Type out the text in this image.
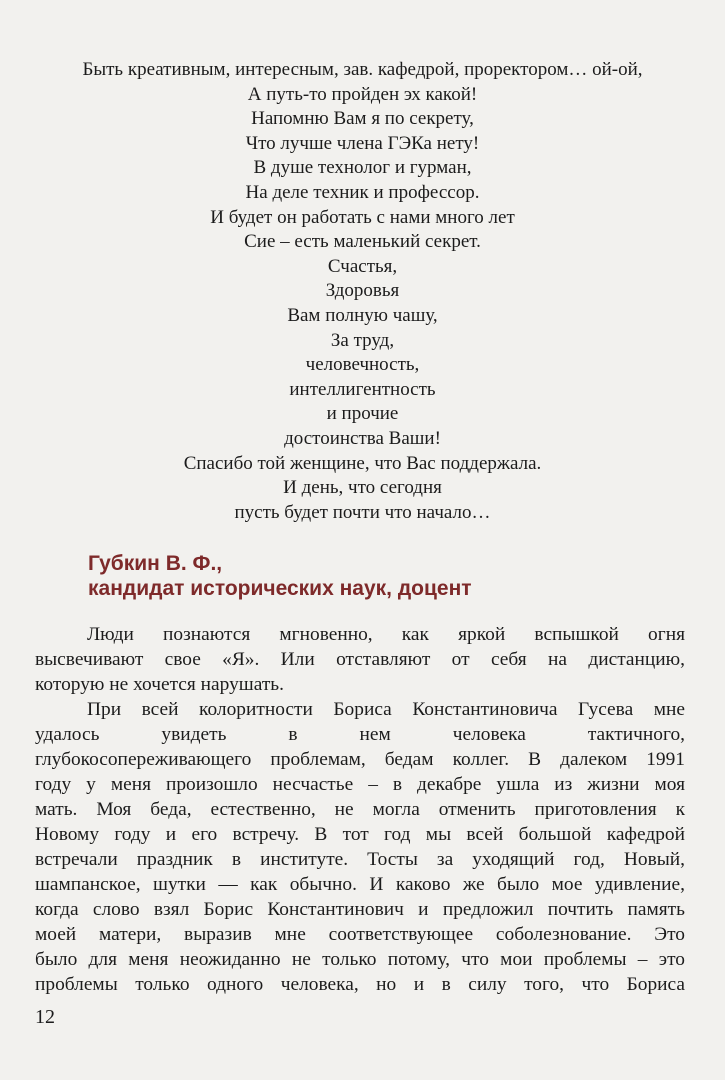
Быть креативным, интересным, зав. кафедрой, проректором… ой-ой,
А путь-то пройден эх какой!
Напомню Вам я по секрету,
Что лучше члена ГЭКа нету!
В душе технолог и гурман,
На деле техник и профессор.
И будет он работать с нами много лет
Сие – есть маленький секрет.
Счастья,
Здоровья
Вам полную чашу,
За труд,
человечность,
интеллигентность
и прочие
достоинства Ваши!
Спасибо той женщине, что Вас поддержала.
И день, что сегодня
пусть будет почти что начало…
Губкин В. Ф.,
кандидат исторических наук, доцент
Люди познаются мгновенно, как яркой вспышкой огня
высвечивают свое «Я». Или отставляют от себя на дистанцию,
которую не хочется нарушать.
При всей колоритности Бориса Константиновича Гусева мне
удалось увидеть в нем человека тактичного,
глубокосопереживающего проблемам, бедам коллег. В далеком 1991
году у меня произошло несчастье – в декабре ушла из жизни моя
мать. Моя беда, естественно, не могла отменить приготовления к
Новому году и его встречу. В тот год мы всей большой кафедрой
встречали праздник в институте. Тосты за уходящий год, Новый,
шампанское, шутки — как обычно. И каково же было мое удивление,
когда слово взял Борис Константинович и предложил почтить память
моей матери, выразив мне соответствующее соболезнование. Это
было для меня неожиданно не только потому, что мои проблемы – это
проблемы только одного человека, но и в силу того, что Бориса
12
